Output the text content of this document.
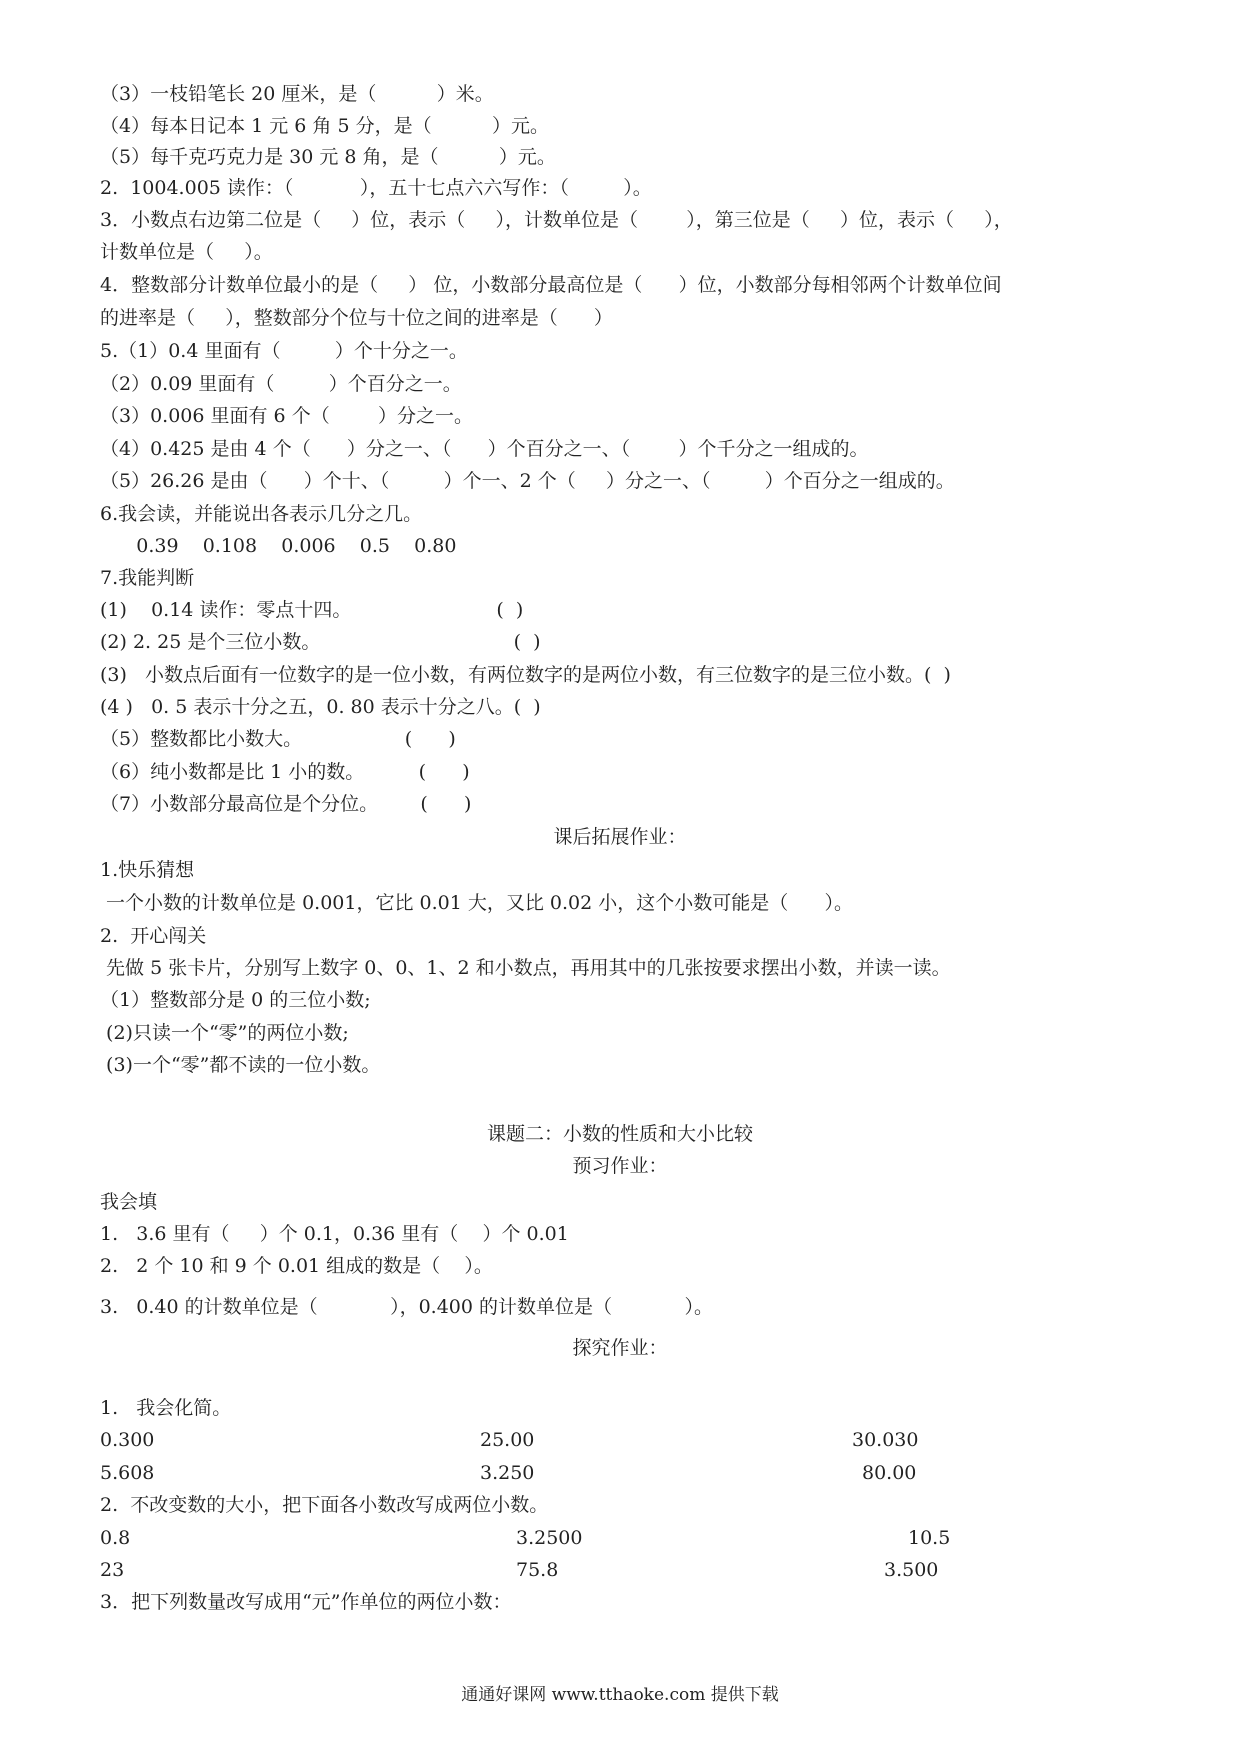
（3）一枝铅笔长 20 厘米，是（          ）米。
（4）每本日记本 1 元 6 角 5 分，是（          ）元。
（5）每千克巧克力是 30 元 8 角，是（          ）元。
2.  1004.005 读作：（           ），五十七点六六写作：（         ）。
3．小数点右边第二位是（     ）位，表示（     ），计数单位是（        ），第三位是（     ）位，表示（     ），
计数单位是（     ）。
4．整数部分计数单位最小的是（     ） 位，小数部分最高位是（      ）位，小数部分每相邻两个计数单位间
的进率是（     ），整数部分个位与十位之间的进率是（      ）
5.（1）0.4 里面有（         ）个十分之一。
（2）0.09 里面有（         ）个百分之一。
（3）0.006 里面有 6 个（        ）分之一。
（4）0.425 是由 4 个（      ）分之一、（      ）个百分之一、（        ）个千分之一组成的。
（5）26.26 是由（      ）个十、（         ）个一、2 个（     ）分之一、（         ）个百分之一组成的。
6.我会读，并能说出各表示几分之几。
0.39    0.108    0.006    0.5    0.80
7.我能判断
(1)    0.14 读作：零点十四。                        (  )
(2) 2. 25 是个三位小数。                                (  )
(3)   小数点后面有一位数字的是一位小数，有两位数字的是两位小数，有三位数字的是三位小数。(  )
(4 )   0. 5 表示十分之五，0. 80 表示十分之八。(  )
（5）整数都比小数大。                 (      )
（6）纯小数都是比 1 小的数。         (      )
（7）小数部分最高位是个分位。       (      )
课后拓展作业：
1.快乐猜想
一个小数的计数单位是 0.001，它比 0.01 大，又比 0.02 小，这个小数可能是（      ）。
2.  开心闯关
先做 5 张卡片，分别写上数字 0、0、1、2 和小数点，再用其中的几张按要求摆出小数，并读一读。
（1）整数部分是 0 的三位小数;
(2)只读一个“零”的两位小数;
(3)一个“零”都不读的一位小数。
课题二：小数的性质和大小比较
预习作业：
我会填
1.   3.6 里有（     ）个 0.1，0.36 里有（    ）个 0.01
2.   2 个 10 和 9 个 0.01 组成的数是（    ）。
3.   0.40 的计数单位是（            ），0.400 的计数单位是（            ）。
探究作业：
1.   我会化简。
0.300	25.00	30.030
5.608	3.250	80.00
2.  不改变数的大小，把下面各小数改写成两位小数。
0.8	3.2500	10.5
23	75.8	3.500
3．把下列数量改写成用“元”作单位的两位小数：
通通好课网 www.tthaoke.com 提供下载
